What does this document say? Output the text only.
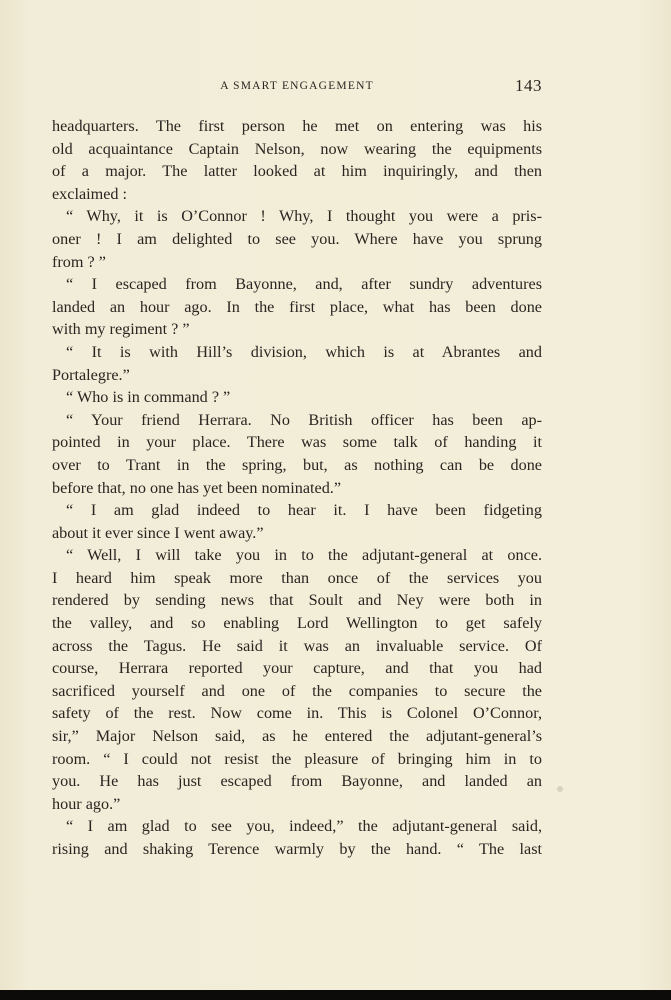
A SMART ENGAGEMENT	143
headquarters. The first person he met on entering was his
old acquaintance Captain Nelson, now wearing the equipments
of a major. The latter looked at him inquiringly, and then
exclaimed :
“ Why, it is O’Connor ! Why, I thought you were a pris-
oner ! I am delighted to see you. Where have you sprung
from ? ”
“ I escaped from Bayonne, and, after sundry adventures
landed an hour ago. In the first place, what has been done
with my regiment ? ”
“ It is with Hill’s division, which is at Abrantes and
Portalegre.”
“ Who is in command ? ”
“ Your friend Herrara. No British officer has been ap-
pointed in your place. There was some talk of handing it
over to Trant in the spring, but, as nothing can be done
before that, no one has yet been nominated.”
“ I am glad indeed to hear it. I have been fidgeting
about it ever since I went away.”
“ Well, I will take you in to the adjutant-general at once.
I heard him speak more than once of the services you
rendered by sending news that Soult and Ney were both in
the valley, and so enabling Lord Wellington to get safely
across the Tagus. He said it was an invaluable service. Of
course, Herrara reported your capture, and that you had
sacrificed yourself and one of the companies to secure the
safety of the rest. Now come in. This is Colonel O’Connor,
sir,” Major Nelson said, as he entered the adjutant-general’s
room. “ I could not resist the pleasure of bringing him in to
you. He has just escaped from Bayonne, and landed an
hour ago.”
“ I am glad to see you, indeed,” the adjutant-general said,
rising and shaking Terence warmly by the hand. “ The last
